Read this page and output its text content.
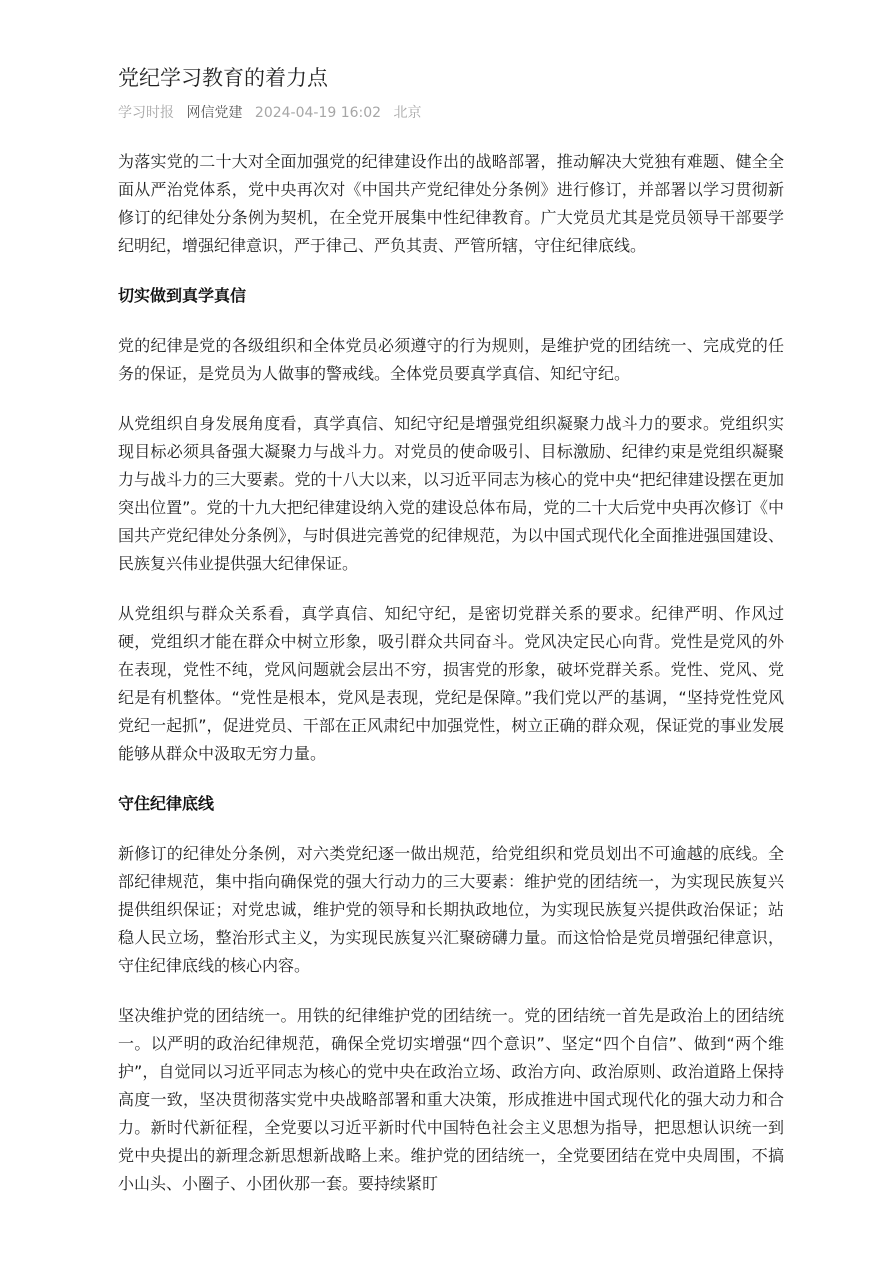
党纪学习教育的着力点
学习时报 网信党建 2024-04-19 16:02 北京

为落实党的二十大对全面加强党的纪律建设作出的战略部署，推动解决大党独有难题、健全全面从严治党体系，党中央再次对《中国共产党纪律处分条例》进行修订，并部署以学习贯彻新修订的纪律处分条例为契机，在全党开展集中性纪律教育。广大党员尤其是党员领导干部要学纪明纪，增强纪律意识，严于律己、严负其责、严管所辖，守住纪律底线。

切实做到真学真信

党的纪律是党的各级组织和全体党员必须遵守的行为规则，是维护党的团结统一、完成党的任务的保证，是党员为人做事的警戒线。全体党员要真学真信、知纪守纪。

从党组织自身发展角度看，真学真信、知纪守纪是增强党组织凝聚力战斗力的要求。党组织实现目标必须具备强大凝聚力与战斗力。对党员的使命吸引、目标激励、纪律约束是党组织凝聚力与战斗力的三大要素。党的十八大以来，以习近平同志为核心的党中央“把纪律建设摆在更加突出位置”。党的十九大把纪律建设纳入党的建设总体布局，党的二十大后党中央再次修订《中国共产党纪律处分条例》，与时俱进完善党的纪律规范，为以中国式现代化全面推进强国建设、民族复兴伟业提供强大纪律保证。

从党组织与群众关系看，真学真信、知纪守纪，是密切党群关系的要求。纪律严明、作风过硬，党组织才能在群众中树立形象，吸引群众共同奋斗。党风决定民心向背。党性是党风的外在表现，党性不纯，党风问题就会层出不穷，损害党的形象，破坏党群关系。党性、党风、党纪是有机整体。“党性是根本，党风是表现，党纪是保障。”我们党以严的基调，“坚持党性党风党纪一起抓”，促进党员、干部在正风肃纪中加强党性，树立正确的群众观，保证党的事业发展能够从群众中汲取无穷力量。

守住纪律底线

新修订的纪律处分条例，对六类党纪逐一做出规范，给党组织和党员划出不可逾越的底线。全部纪律规范，集中指向确保党的强大行动力的三大要素：维护党的团结统一，为实现民族复兴提供组织保证；对党忠诚，维护党的领导和长期执政地位，为实现民族复兴提供政治保证；站稳人民立场，整治形式主义，为实现民族复兴汇聚磅礴力量。而这恰恰是党员增强纪律意识，守住纪律底线的核心内容。

坚决维护党的团结统一。用铁的纪律维护党的团结统一。党的团结统一首先是政治上的团结统一。以严明的政治纪律规范，确保全党切实增强“四个意识”、坚定“四个自信”、做到“两个维护”，自觉同以习近平同志为核心的党中央在政治立场、政治方向、政治原则、政治道路上保持高度一致，坚决贯彻落实党中央战略部署和重大决策，形成推进中国式现代化的强大动力和合力。新时代新征程，全党要以习近平新时代中国特色社会主义思想为指导，把思想认识统一到党中央提出的新理念新思想新战略上来。维护党的团结统一，全党要团结在党中央周围，不搞小山头、小圈子、小团伙那一套。要持续紧盯
